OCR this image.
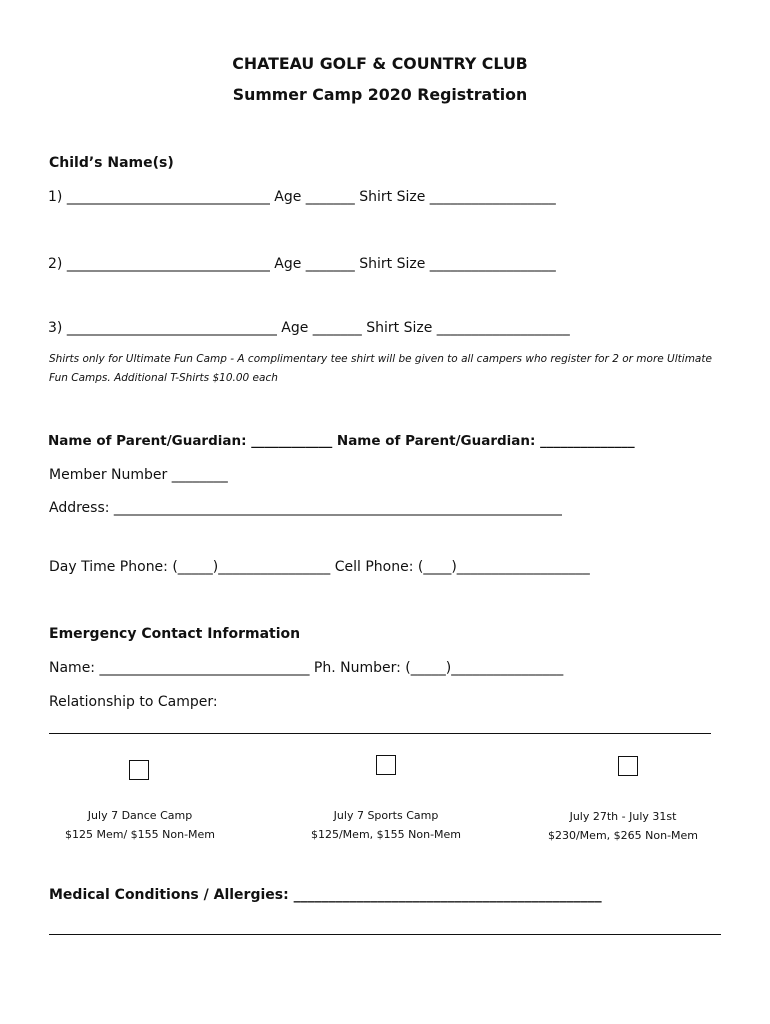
CHATEAU GOLF & COUNTRY CLUB
Summer Camp 2020 Registration
Child’s Name(s)
1) _____________________________ Age _______ Shirt Size __________________
2) _____________________________ Age _______ Shirt Size __________________
3) ______________________________ Age _______ Shirt Size ___________________
Shirts only for Ultimate Fun Camp - A complimentary tee shirt will be given to all campers who register for 2 or more Ultimate
Fun Camps. Additional T-Shirts $10.00 each
Name of Parent/Guardian: ____________ Name of Parent/Guardian: ______________
Member Number ________
Address: ________________________________________________________________
Day Time Phone: (_____)________________ Cell Phone: (____)___________________
Emergency Contact Information
Name: ______________________________ Ph. Number: (_____)________________
Relationship to Camper:
July 7 Dance Camp
$125 Mem/ $155 Non-Mem
July 7 Sports Camp
$125/Mem, $155 Non-Mem
July 27th - July 31st
$230/Mem, $265 Non-Mem
Medical Conditions / Allergies: ____________________________________________
